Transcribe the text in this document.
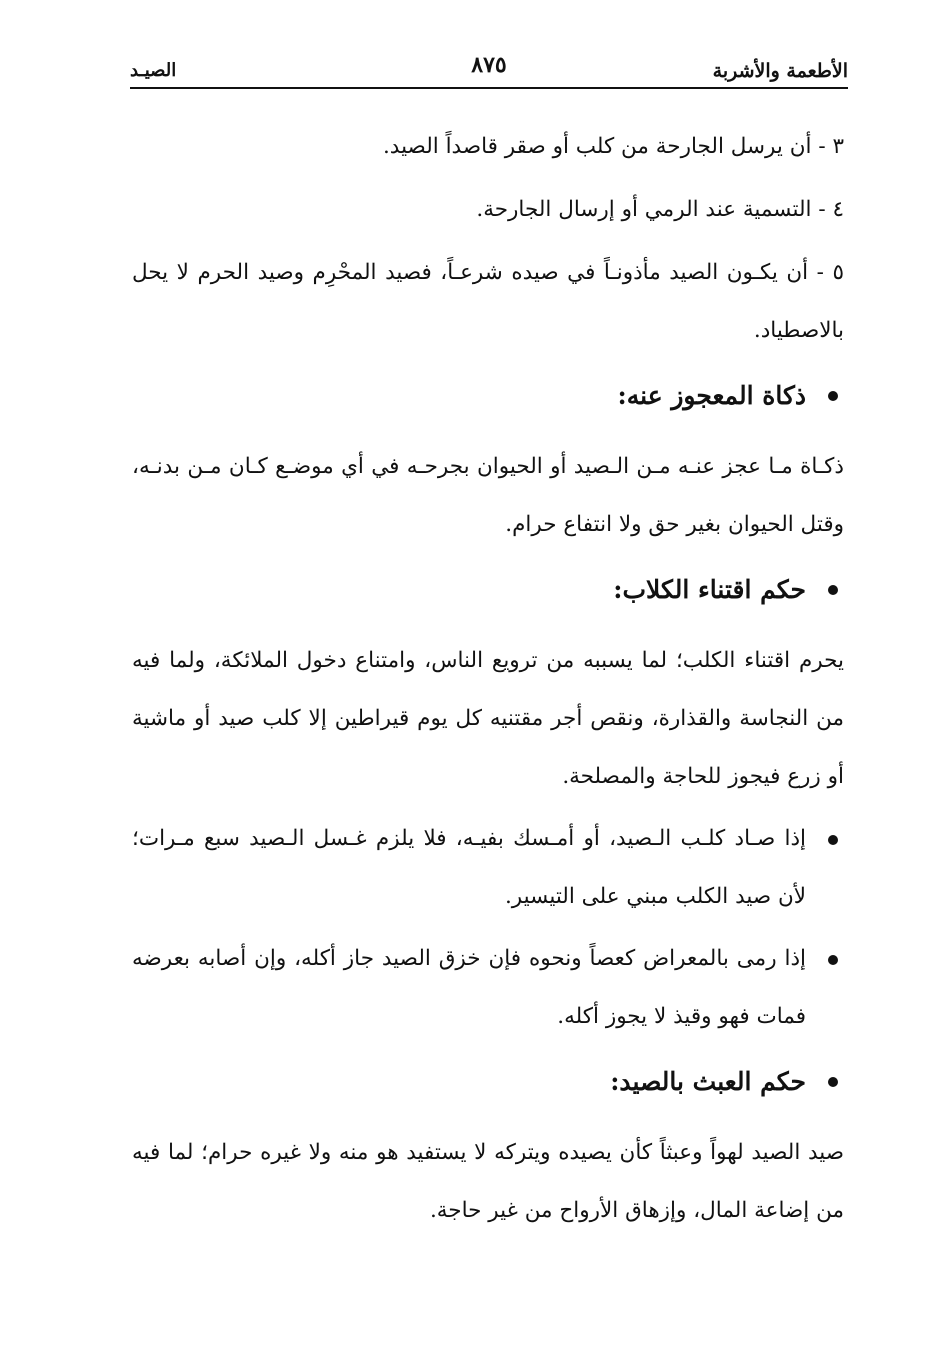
الأطعمة والأشربة
٨٧٥
الصيـد

٣ - أن يرسل الجارحة من كلب أو صقر قاصداً الصيد.

٤ - التسمية عند الرمي أو إرسال الجارحة.

٥ - أن يكـون الصيد مأذونـاً في صيده شرعـاً، فصيد المحْرِم وصيد الحرم لا يحل بالاصطياد.

ذكاة المعجوز عنه:

ذكـاة مـا عجز عنـه مـن الـصيد أو الحيوان بجرحـه في أي موضـع كـان مـن بدنـه، وقتل الحيوان بغير حق ولا انتفاع حرام.

حكم اقتناء الكلاب:

يحرم اقتناء الكلب؛ لما يسببه من ترويع الناس، وامتناع دخول الملائكة، ولما فيه من النجاسة والقذارة، ونقص أجر مقتنيه كل يوم قيراطين إلا كلب صيد أو ماشية أو زرع فيجوز للحاجة والمصلحة.

إذا صـاد كلـب الـصيد، أو أمـسك بفيـه، فلا يلزم غـسل الـصيد سبع مـرات؛ لأن صيد الكلب مبني على التيسير.
إذا رمى بالمعراض كعصاً ونحوه فإن خزق الصيد جاز أكله، وإن أصابه بعرضه فمات فهو وقيذ لا يجوز أكله.
حكم العبث بالصيد:

صيد الصيد لهواً وعبثاً كأن يصيده ويتركه لا يستفيد هو منه ولا غيره حرام؛ لما فيه من إضاعة المال، وإزهاق الأرواح من غير حاجة.
